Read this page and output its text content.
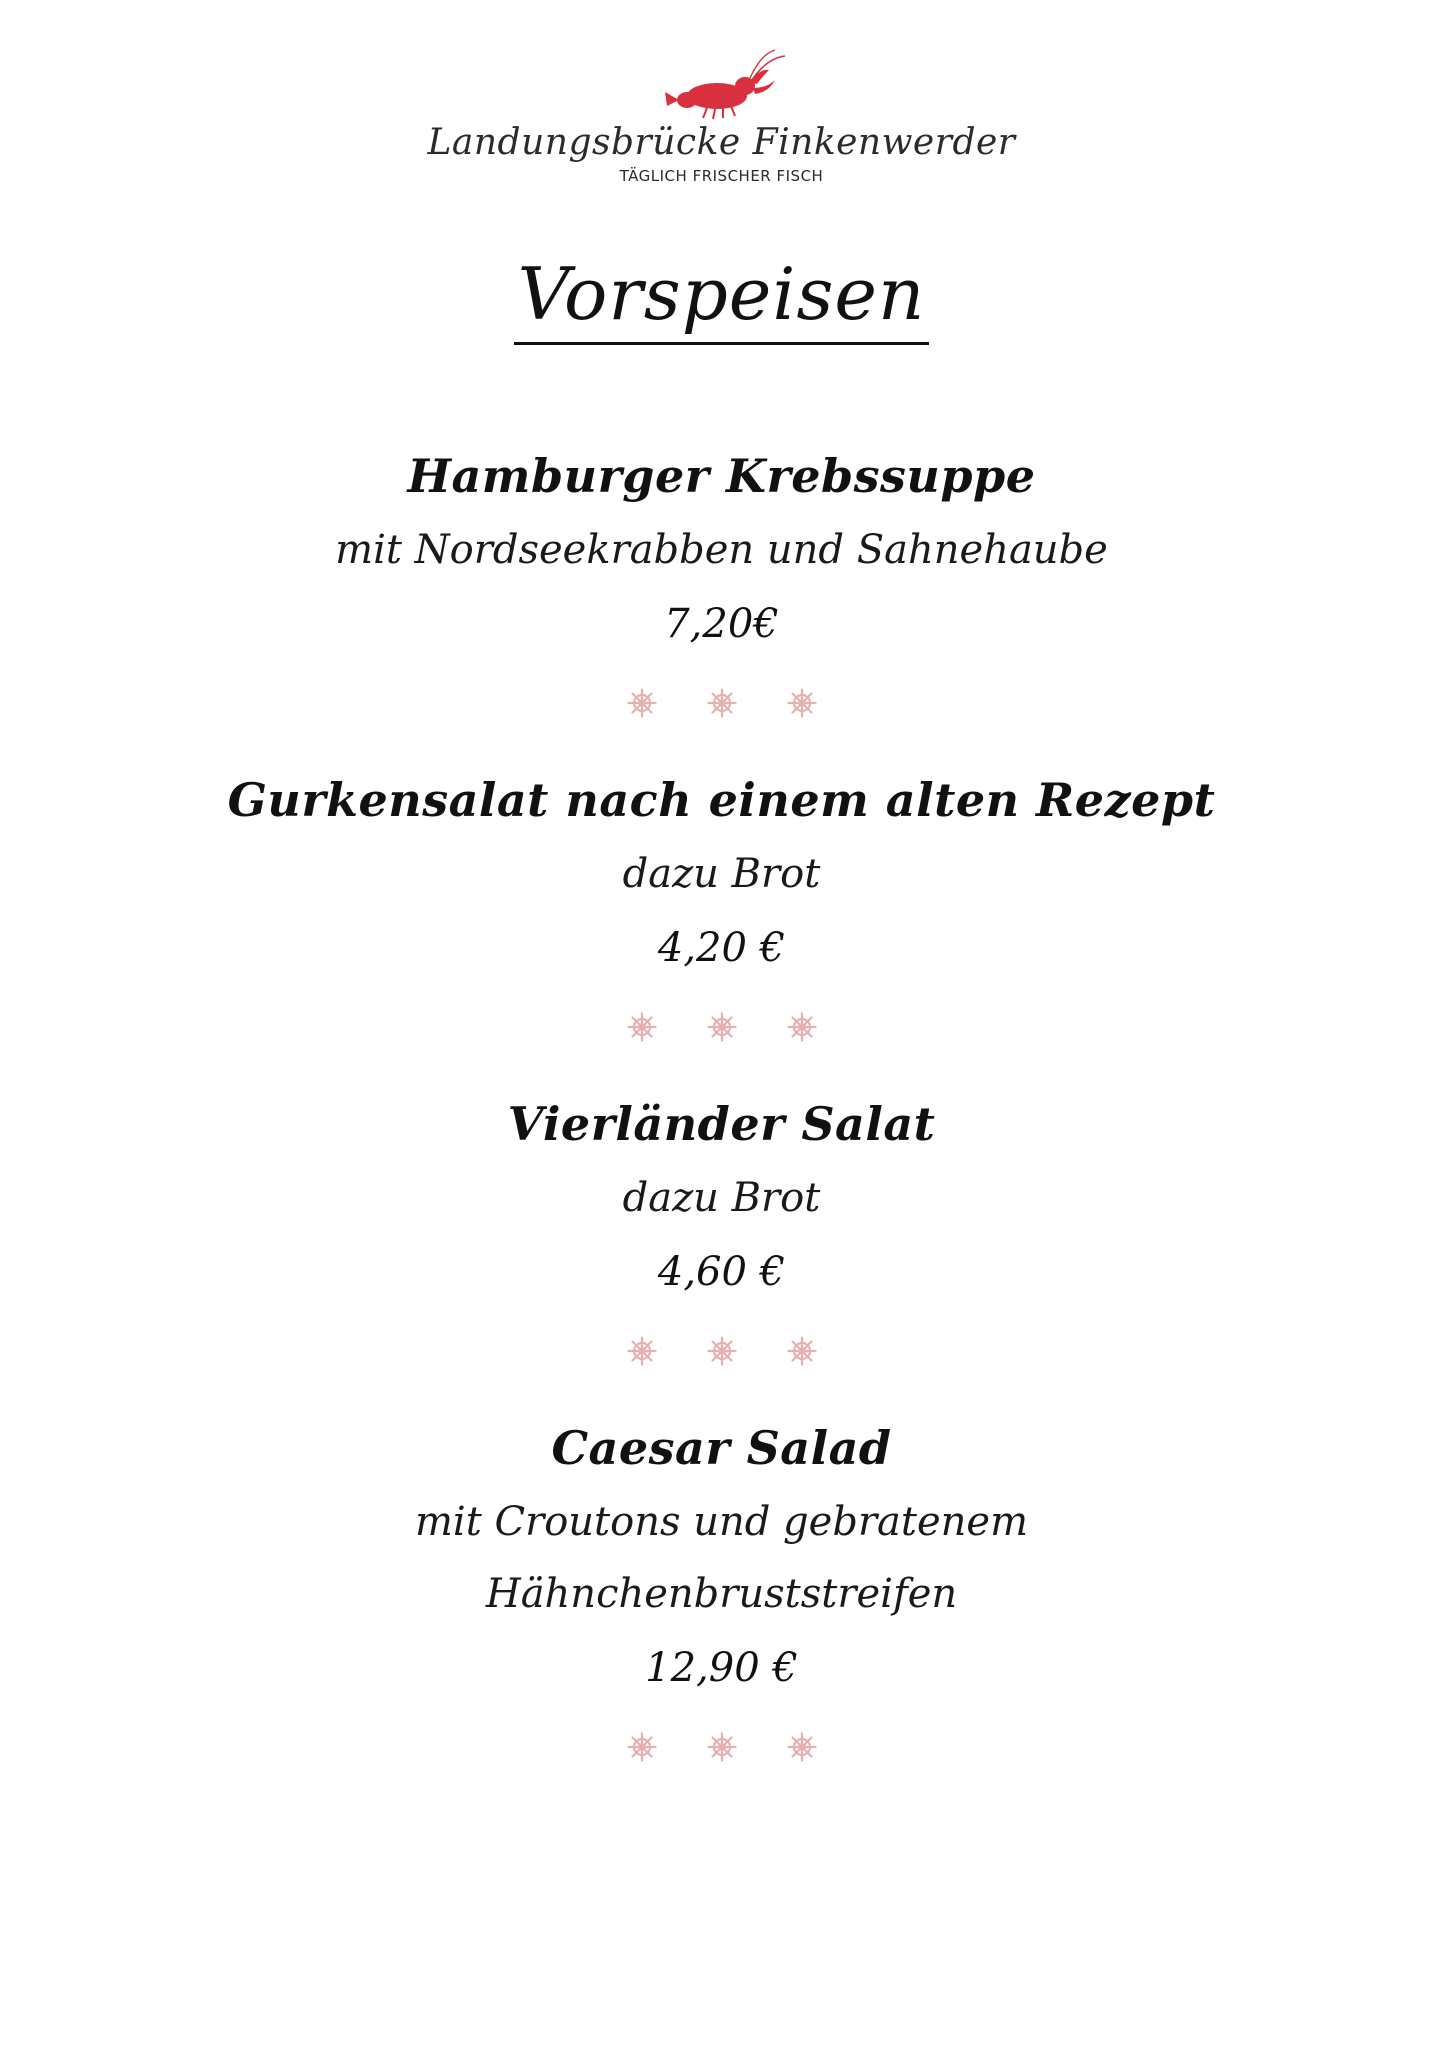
Landungsbrücke Finkenwerder
TÄGLICH FRISCHER FISCH
Vorspeisen
Hamburger Krebssuppe
mit Nordseekrabben und Sahnehaube
7,20€
Gurkensalat nach einem alten Rezept
dazu Brot
4,20 €
Vierländer Salat
dazu Brot
4,60 €
Caesar Salad
mit Croutons und gebratenem
Hähnchenbruststreifen
12,90 €
